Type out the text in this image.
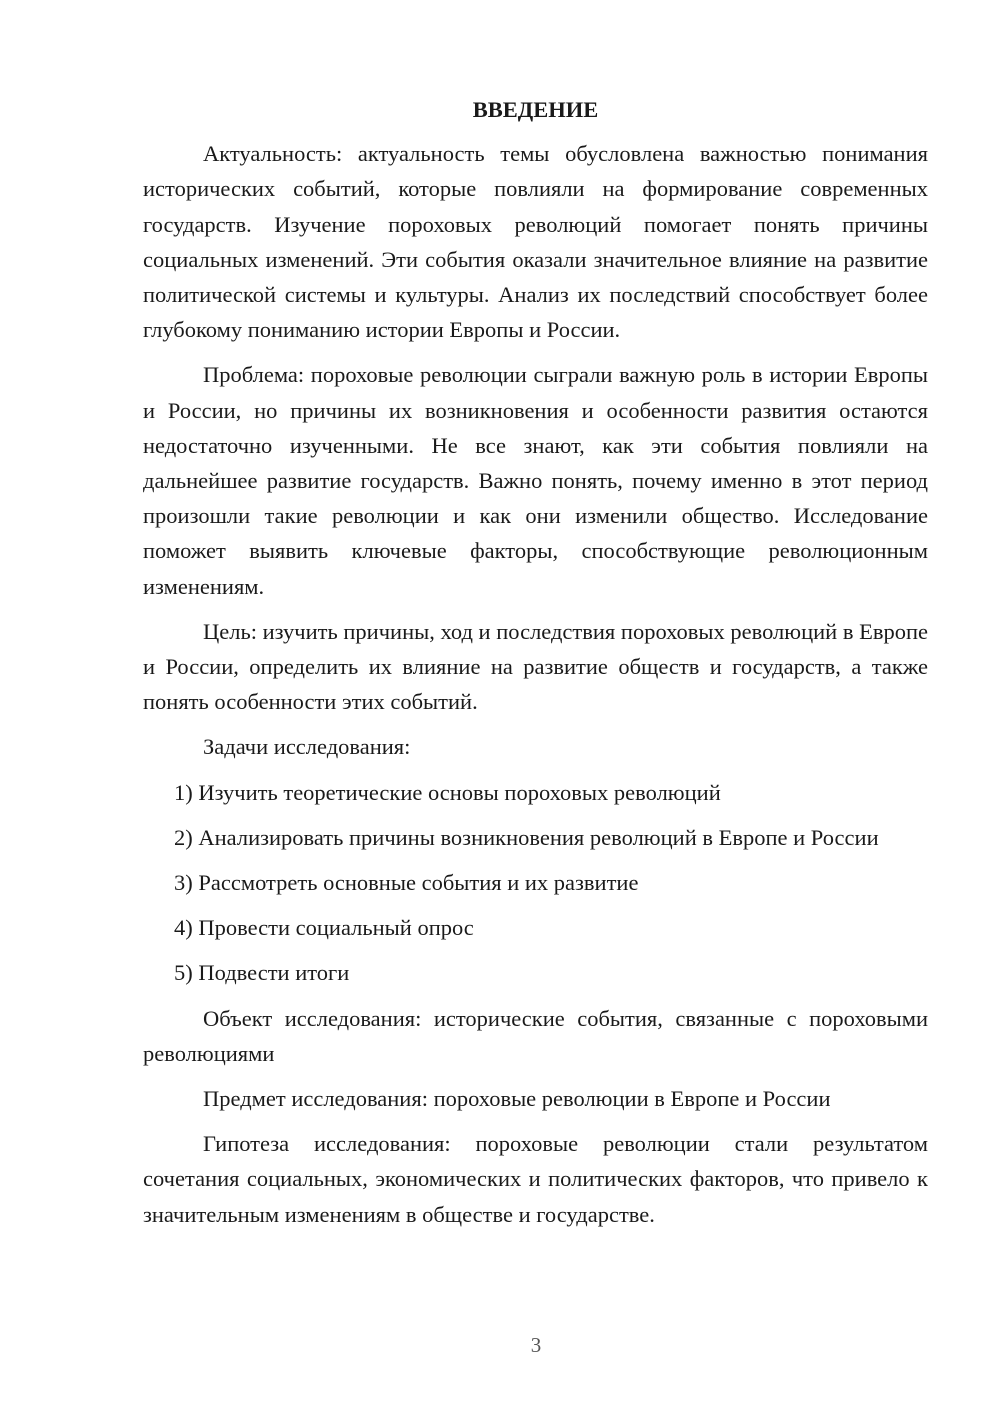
ВВЕДЕНИЕ

Актуальность: актуальность темы обусловлена важностью понимания исторических событий, которые повлияли на формирование современных государств. Изучение пороховых революций помогает понять причины социальных изменений. Эти события оказали значительное влияние на развитие политической системы и культуры. Анализ их последствий способствует более глубокому пониманию истории Европы и России.

Проблема: пороховые революции сыграли важную роль в истории Европы и России, но причины их возникновения и особенности развития остаются недостаточно изученными. Не все знают, как эти события повлияли на дальнейшее развитие государств. Важно понять, почему именно в этот период произошли такие революции и как они изменили общество. Исследование поможет выявить ключевые факторы, способствующие революционным изменениям.

Цель: изучить причины, ход и последствия пороховых революций в Европе и России, определить их влияние на развитие обществ и государств, а также понять особенности этих событий.

Задачи исследования:

1) Изучить теоретические основы пороховых революций

2) Анализировать причины возникновения революций в Европе и России

3) Рассмотреть основные события и их развитие

4) Провести социальный опрос

5) Подвести итоги

Объект исследования: исторические события, связанные с пороховыми революциями

Предмет исследования: пороховые революции в Европе и России

Гипотеза исследования: пороховые революции стали результатом сочетания социальных, экономических и политических факторов, что привело к значительным изменениям в обществе и государстве.

3
